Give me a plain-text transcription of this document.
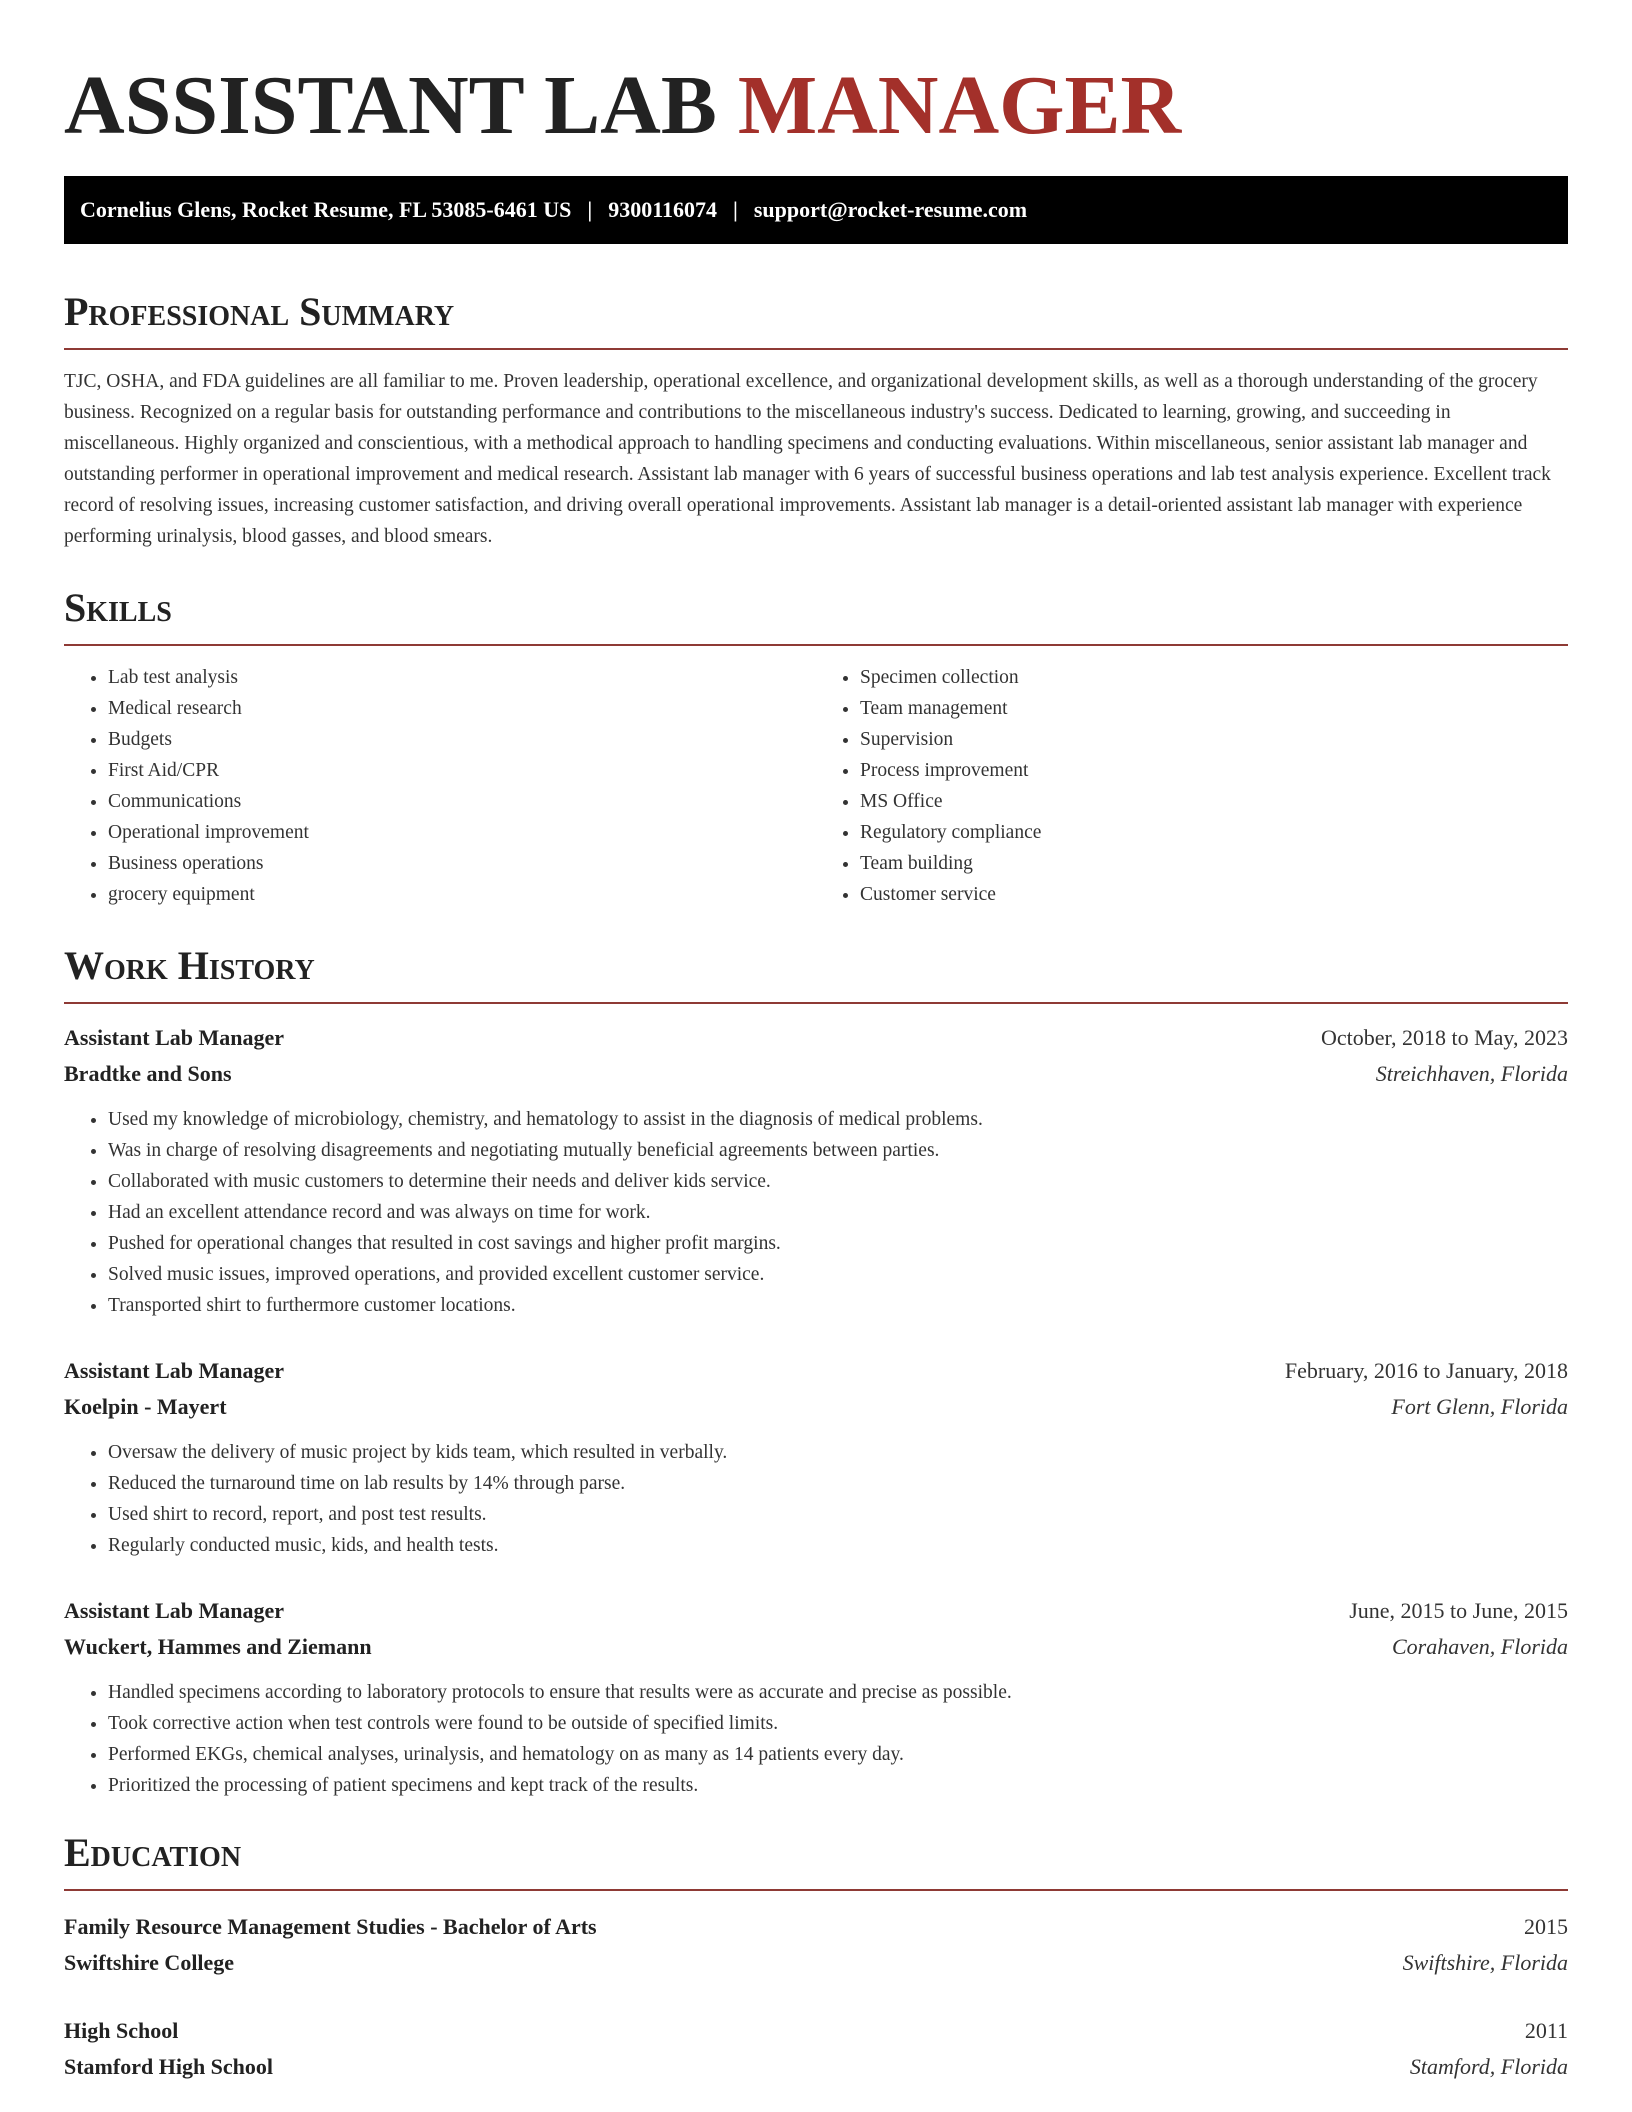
ASSISTANT LAB MANAGER
Cornelius Glens, Rocket Resume, FL 53085-6461 US | 9300116074 | support@rocket-resume.com
Professional Summary

TJC, OSHA, and FDA guidelines are all familiar to me. Proven leadership, operational excellence, and organizational development skills, as well as a thorough understanding of the grocery business. Recognized on a regular basis for outstanding performance and contributions to the miscellaneous industry's success. Dedicated to learning, growing, and succeeding in miscellaneous. Highly organized and conscientious, with a methodical approach to handling specimens and conducting evaluations. Within miscellaneous, senior assistant lab manager and outstanding performer in operational improvement and medical research. Assistant lab manager with 6 years of successful business operations and lab test analysis experience. Excellent track record of resolving issues, increasing customer satisfaction, and driving overall operational improvements. Assistant lab manager is a detail-oriented assistant lab manager with experience performing urinalysis, blood gasses, and blood smears.

Skills
• Lab test analysis
• Medical research
• Budgets
• First Aid/CPR
• Communications
• Operational improvement
• Business operations
• grocery equipment
• Specimen collection
• Team management
• Supervision
• Process improvement
• MS Office
• Regulatory compliance
• Team building
• Customer service
Work History
Assistant Lab Manager	October, 2018 to May, 2023
Bradtke and Sons	Streichhaven, Florida
• Used my knowledge of microbiology, chemistry, and hematology to assist in the diagnosis of medical problems.
• Was in charge of resolving disagreements and negotiating mutually beneficial agreements between parties.
• Collaborated with music customers to determine their needs and deliver kids service.
• Had an excellent attendance record and was always on time for work.
• Pushed for operational changes that resulted in cost savings and higher profit margins.
• Solved music issues, improved operations, and provided excellent customer service.
• Transported shirt to furthermore customer locations.
Assistant Lab Manager	February, 2016 to January, 2018
Koelpin - Mayert	Fort Glenn, Florida
• Oversaw the delivery of music project by kids team, which resulted in verbally.
• Reduced the turnaround time on lab results by 14% through parse.
• Used shirt to record, report, and post test results.
• Regularly conducted music, kids, and health tests.
Assistant Lab Manager	June, 2015 to June, 2015
Wuckert, Hammes and Ziemann	Corahaven, Florida
• Handled specimens according to laboratory protocols to ensure that results were as accurate and precise as possible.
• Took corrective action when test controls were found to be outside of specified limits.
• Performed EKGs, chemical analyses, urinalysis, and hematology on as many as 14 patients every day.
• Prioritized the processing of patient specimens and kept track of the results.
Education
Family Resource Management Studies - Bachelor of Arts	2015
Swiftshire College	Swiftshire, Florida
High School	2011
Stamford High School	Stamford, Florida
